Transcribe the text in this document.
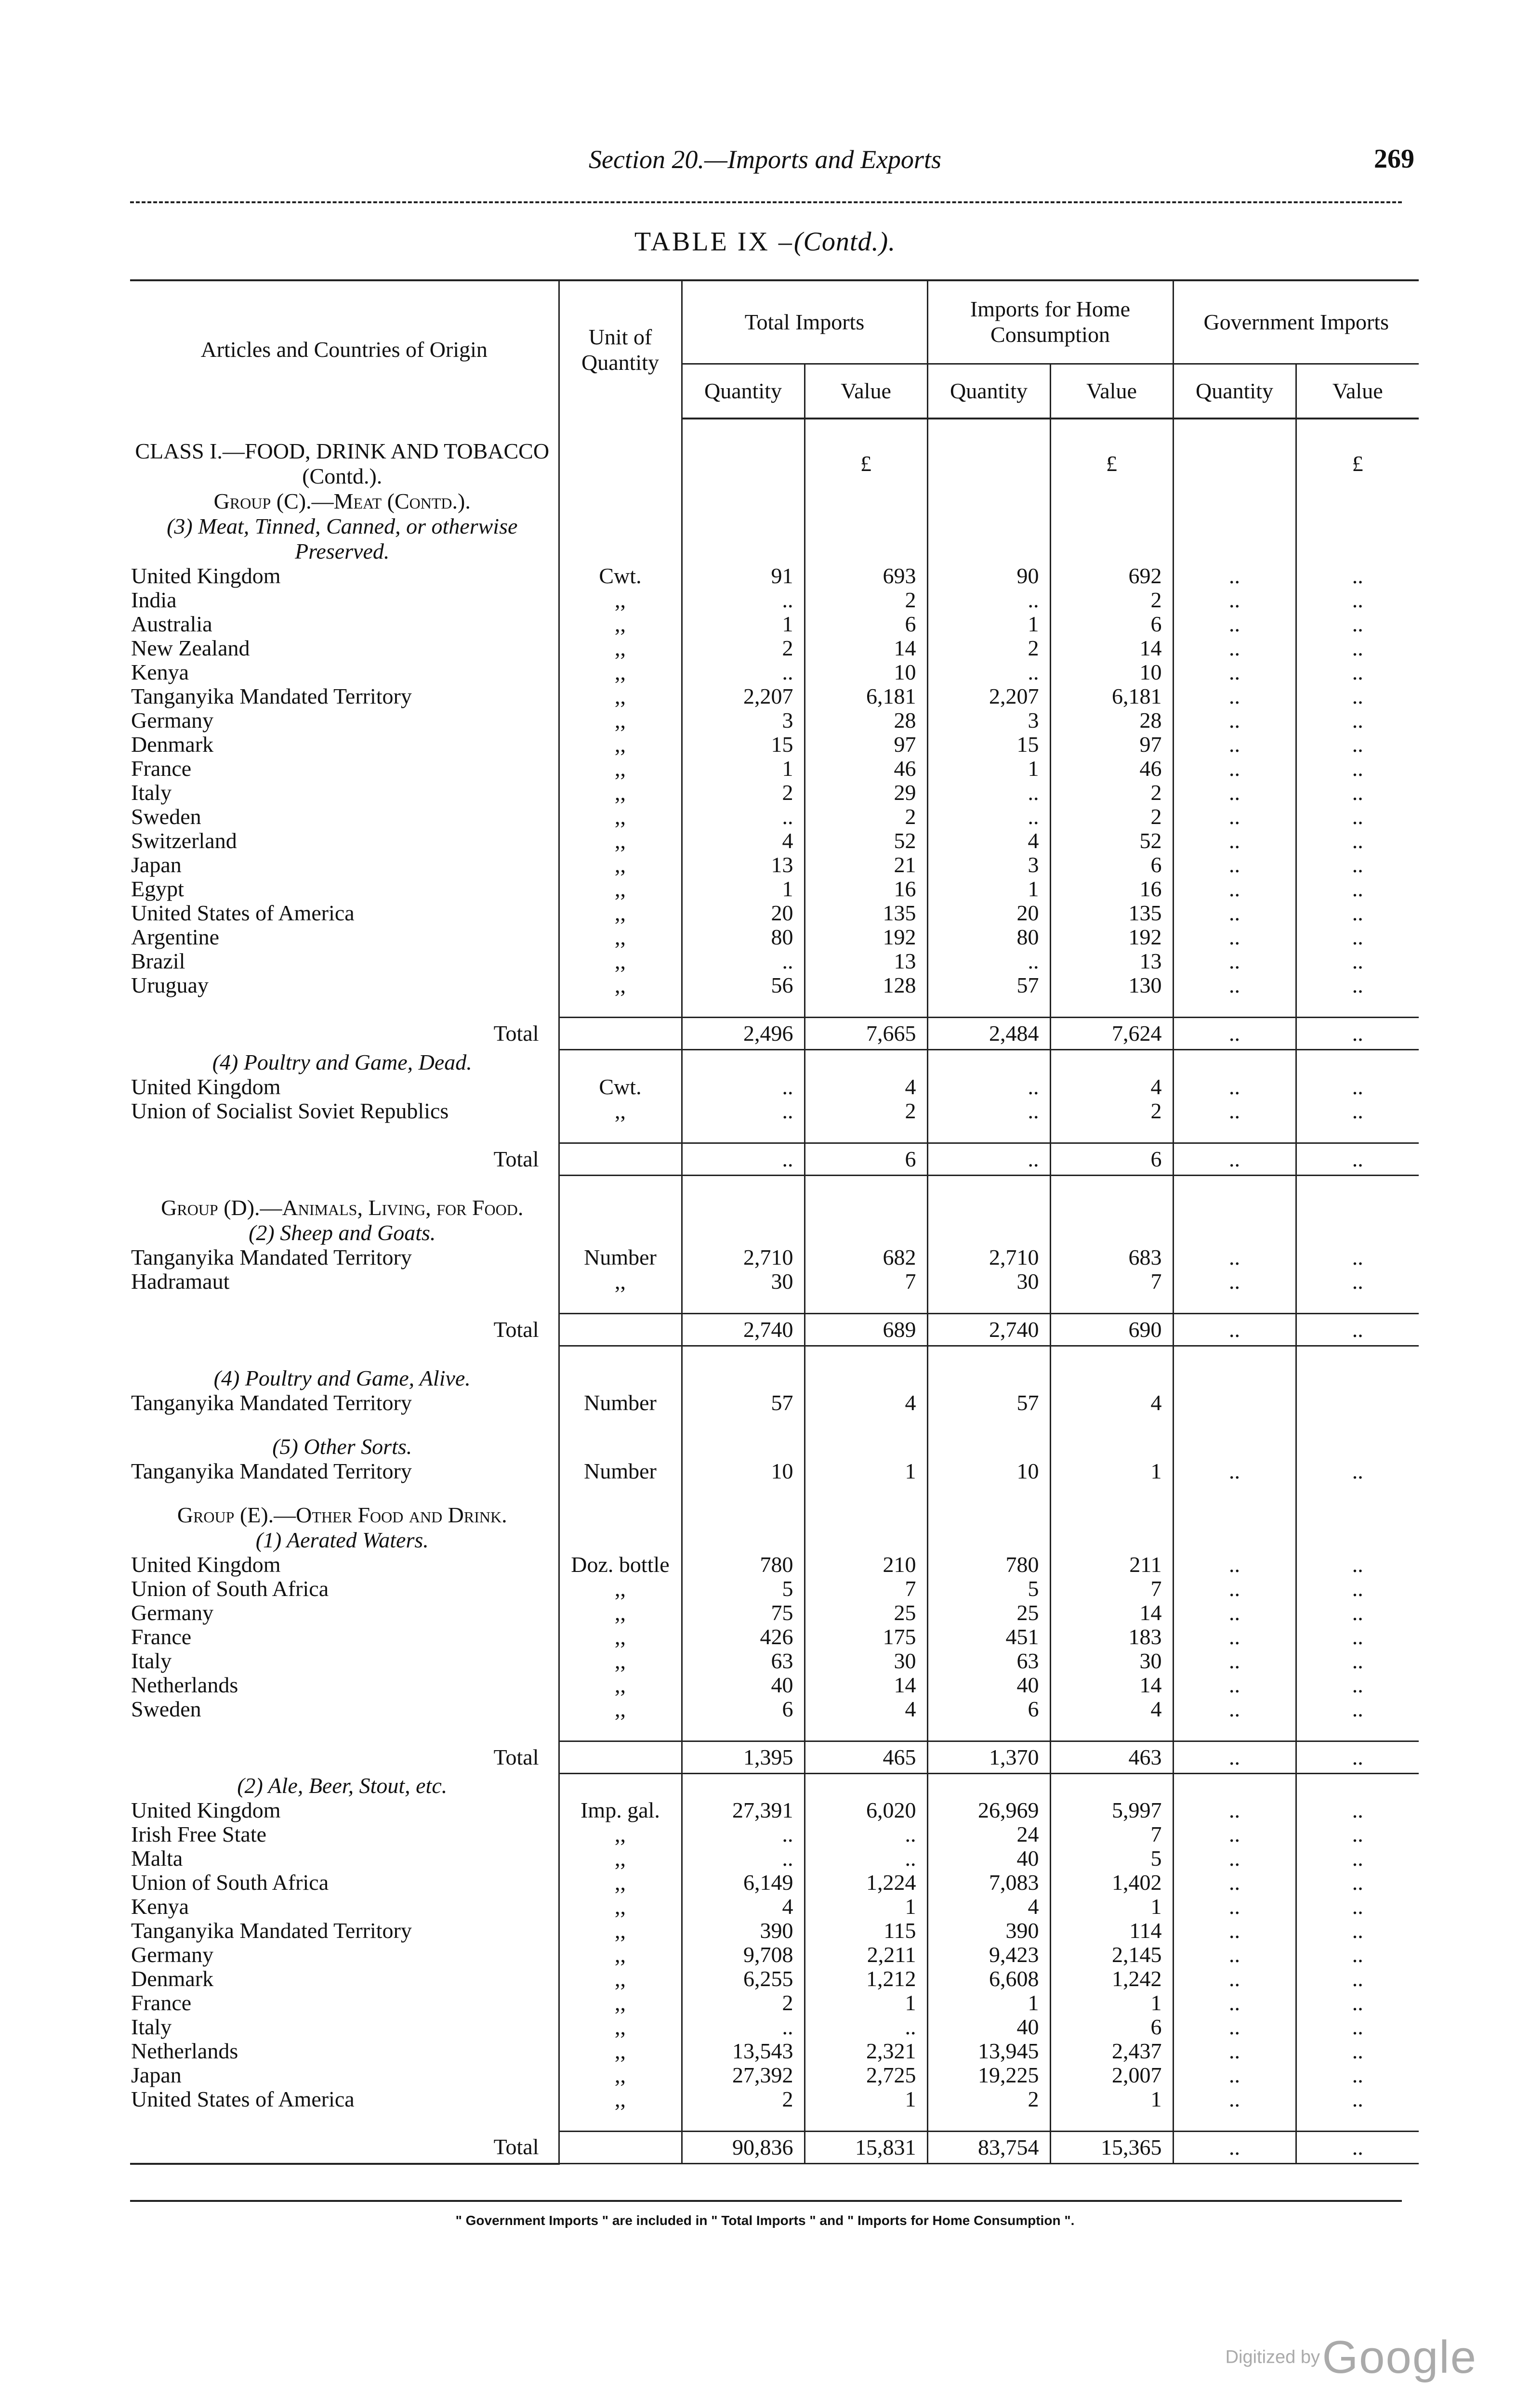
Section 20.—Imports and Exports	269
TABLE IX –(Contd.).
Articles and Countries of Origin	Unit of Quantity	Total Imports		Imports for Home Consumption		Government Imports	
		Quantity	Value	Quantity	Value	Quantity	Value

CLASS I.—FOOD, DRINK AND TOBACCO (Contd.).			£		£		£
Group (C).—Meat (Contd.).							
(3) Meat, Tinned, Canned, or otherwise Preserved.							
United Kingdom	Cwt.	91	693	90	692	..	..
India	,,	..	2	..	2	..	..
Australia	,,	1	6	1	6	..	..
New Zealand	,,	2	14	2	14	..	..
Kenya	,,	..	10	..	10	..	..
Tanganyika Mandated Territory	,,	2,207	6,181	2,207	6,181	..	..
Germany	,,	3	28	3	28	..	..
Denmark	,,	15	97	15	97	..	..
France	,,	1	46	1	46	..	..
Italy	,,	2	29	..	2	..	..
Sweden	,,	..	2	..	2	..	..
Switzerland	,,	4	52	4	52	..	..
Japan	,,	13	21	3	6	..	..
Egypt	,,	1	16	1	16	..	..
United States of America	,,	20	135	20	135	..	..
Argentine	,,	80	192	80	192	..	..
Brazil	,,	..	13	..	13	..	..
Uruguay	,,	56	128	57	130	..	..

Total		2,496	7,665	2,484	7,624	..	..
(4) Poultry and Game, Dead.							
United Kingdom	Cwt.	..	4	..	4	..	..
Union of Socialist Soviet Republics	,,	..	2	..	2	..	..

Total		..	6	..	6	..	..

Group (D).—Animals, Living, for Food.							
(2) Sheep and Goats.							
Tanganyika Mandated Territory	Number	2,710	682	2,710	683	..	..
Hadramaut	,,	30	7	30	7	..	..

Total		2,740	689	2,740	690	..	..

(4) Poultry and Game, Alive.							
Tanganyika Mandated Territory	Number	57	4	57	4		

(5) Other Sorts.							
Tanganyika Mandated Territory	Number	10	1	10	1	..	..

Group (E).—Other Food and Drink.							
(1) Aerated Waters.							
United Kingdom	Doz. bottle	780	210	780	211	..	..
Union of South Africa	,,	5	7	5	7	..	..
Germany	,,	75	25	25	14	..	..
France	,,	426	175	451	183	..	..
Italy	,,	63	30	63	30	..	..
Netherlands	,,	40	14	40	14	..	..
Sweden	,,	6	4	6	4	..	..

Total		1,395	465	1,370	463	..	..
(2) Ale, Beer, Stout, etc.							
United Kingdom	Imp. gal.	27,391	6,020	26,969	5,997	..	..
Irish Free State	,,	..	..	24	7	..	..
Malta	,,	..	..	40	5	..	..
Union of South Africa	,,	6,149	1,224	7,083	1,402	..	..
Kenya	,,	4	1	4	1	..	..
Tanganyika Mandated Territory	,,	390	115	390	114	..	..
Germany	,,	9,708	2,211	9,423	2,145	..	..
Denmark	,,	6,255	1,212	6,608	1,242	..	..
France	,,	2	1	1	1	..	..
Italy	,,	..	..	40	6	..	..
Netherlands	,,	13,543	2,321	13,945	2,437	..	..
Japan	,,	27,392	2,725	19,225	2,007	..	..
United States of America	,,	2	1	2	1	..	..

Total		90,836	15,831	83,754	15,365	..	..
" Government Imports " are included in " Total Imports " and " Imports for Home Consumption ".
Digitized by Google
